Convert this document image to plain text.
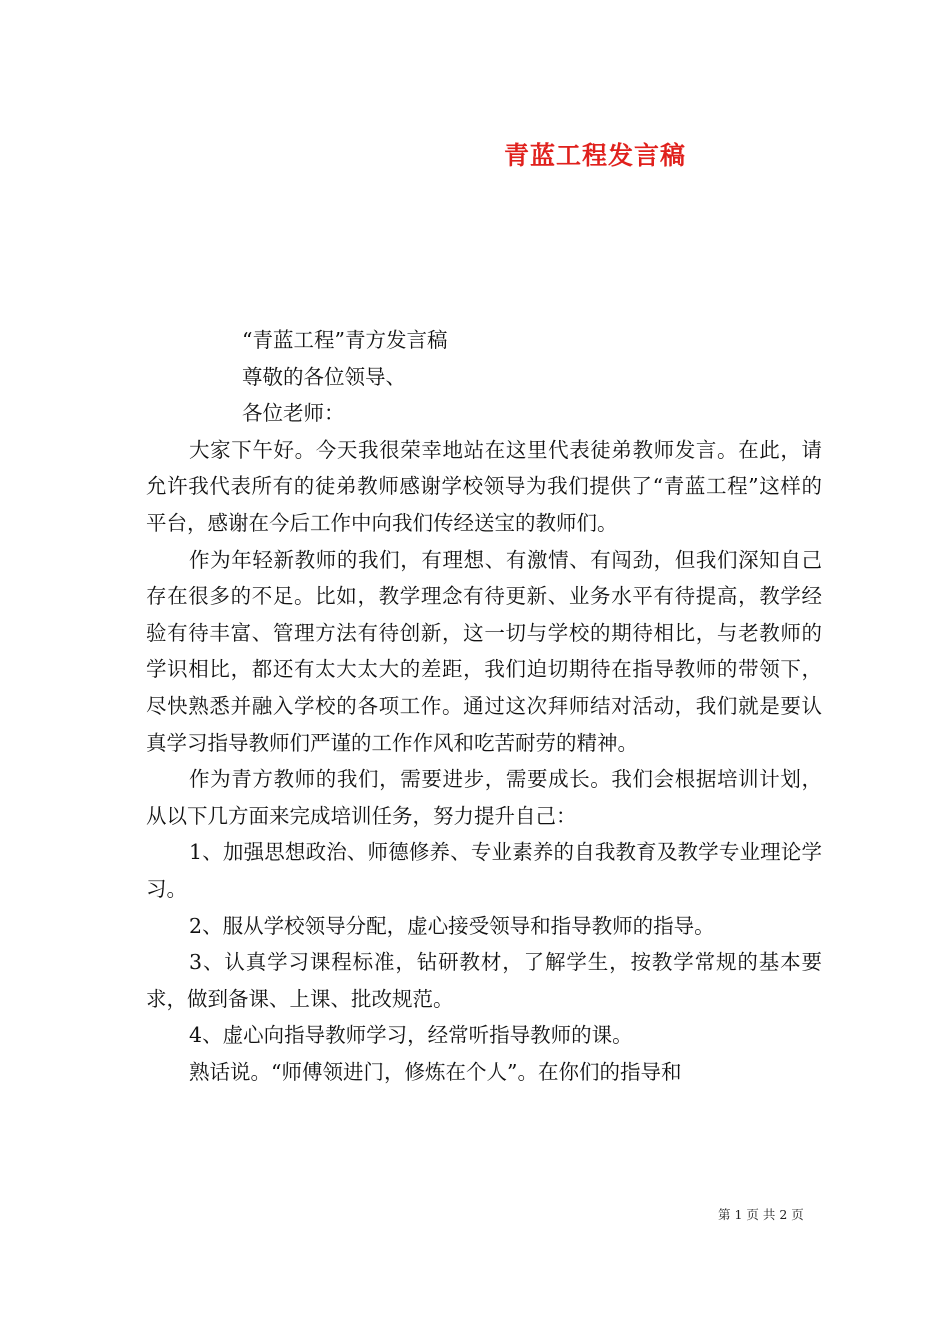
青蓝工程发言稿

“青蓝工程”青方发言稿

尊敬的各位领导、

各位老师：

大家下午好。今天我很荣幸地站在这里代表徒弟教师发言。在此，请允许我代表所有的徒弟教师感谢学校领导为我们提供了“青蓝工程”这样的平台，感谢在今后工作中向我们传经送宝的教师们。

作为年轻新教师的我们，有理想、有激情、有闯劲，但我们深知自己存在很多的不足。比如，教学理念有待更新、业务水平有待提高，教学经验有待丰富、管理方法有待创新，这一切与学校的期待相比，与老教师的学识相比，都还有太大太大的差距，我们迫切期待在指导教师的带领下，尽快熟悉并融入学校的各项工作。通过这次拜师结对活动，我们就是要认真学习指导教师们严谨的工作作风和吃苦耐劳的精神。

作为青方教师的我们，需要进步，需要成长。我们会根据培训计划，从以下几方面来完成培训任务，努力提升自己：

1、加强思想政治、师德修养、专业素养的自我教育及教学专业理论学习。

2、服从学校领导分配，虚心接受领导和指导教师的指导。

3、认真学习课程标准，钻研教材，了解学生，按教学常规的基本要求，做到备课、上课、批改规范。

4、虚心向指导教师学习，经常听指导教师的课。

熟话说。“师傅领进门，修炼在个人”。在你们的指导和

第 1 页 共 2 页
